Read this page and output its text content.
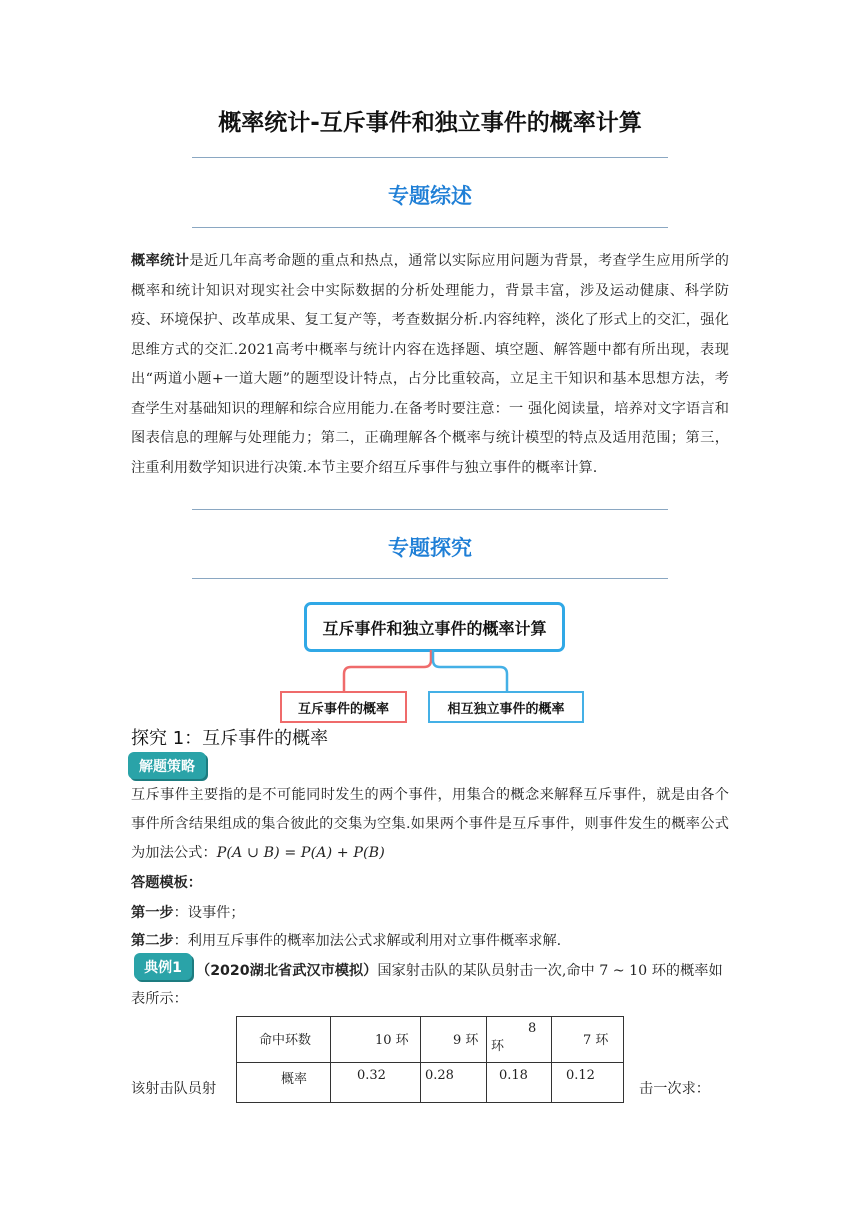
概率统计-互斥事件和独立事件的概率计算
专题综述
概率统计是近几年高考命题的重点和热点，通常以实际应用问题为背景，考查学生应用所学的概率和统计知识对现实社会中实际数据的分析处理能力，背景丰富，涉及运动健康、科学防疫、环境保护、改革成果、复工复产等，考查数据分析.内容纯粹，淡化了形式上的交汇，强化思维方式的交汇.2021高考中概率与统计内容在选择题、填空题、解答题中都有所出现，表现出“两道小题+一道大题”的题型设计特点，占分比重较高，立足主干知识和基本思想方法，考查学生对基础知识的理解和综合应用能力.在备考时要注意：一 强化阅读量，培养对文字语言和图表信息的理解与处理能力；第二，正确理解各个概率与统计模型的特点及适用范围；第三，注重利用数学知识进行决策.本节主要介绍互斥事件与独立事件的概率计算.
专题探究
互斥事件和独立事件的概率计算
互斥事件的概率	相互独立事件的概率
探究 1：互斥事件的概率
解题策略
互斥事件主要指的是不可能同时发生的两个事件，用集合的概念来解释互斥事件，就是由各个事件所含结果组成的集合彼此的交集为空集.如果两个事件是互斥事件，则事件发生的概率公式为加法公式：P(A ∪ B) = P(A) + P(B)
答题模板：
第一步：设事件；
第二步：利用互斥事件的概率加法公式求解或利用对立事件概率求解.
典例1 （2020湖北省武汉市模拟）国家射击队的某队员射击一次,命中 7 ~ 10 环的概率如
表所示：
该射击队员射
命中环数	10 环	9 环	8
环	7 环
概率	0.32	0.28	0.18	0.12
击一次求：
